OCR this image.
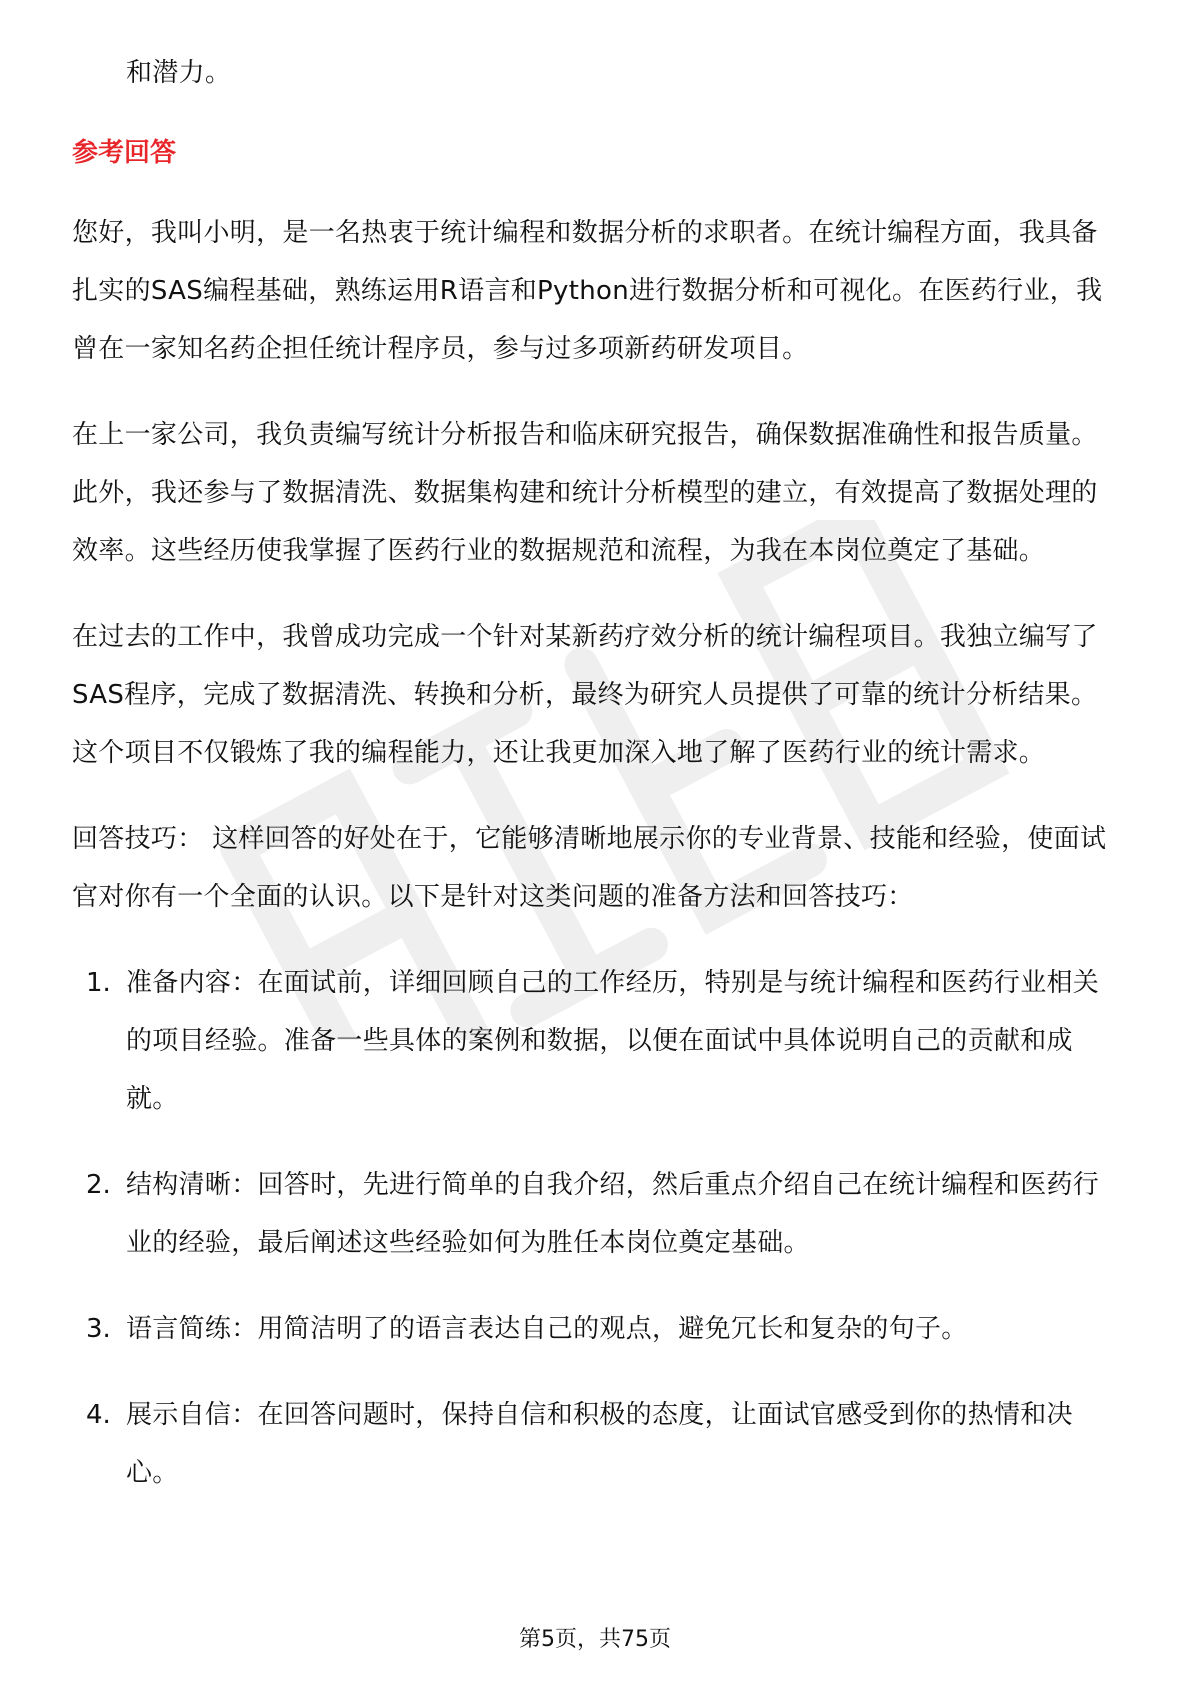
和潜力。

参考回答

您好，我叫小明，是一名热衷于统计编程和数据分析的求职者。在统计编程方面，我具备扎实的SAS编程基础，熟练运用R语言和Python进行数据分析和可视化。在医药行业，我曾在一家知名药企担任统计程序员，参与过多项新药研发项目。

在上一家公司，我负责编写统计分析报告和临床研究报告，确保数据准确性和报告质量。此外，我还参与了数据清洗、数据集构建和统计分析模型的建立，有效提高了数据处理的效率。这些经历使我掌握了医药行业的数据规范和流程，为我在本岗位奠定了基础。

在过去的工作中，我曾成功完成一个针对某新药疗效分析的统计编程项目。我独立编写了SAS程序，完成了数据清洗、转换和分析，最终为研究人员提供了可靠的统计分析结果。这个项目不仅锻炼了我的编程能力，还让我更加深入地了解了医药行业的统计需求。

回答技巧： 这样回答的好处在于，它能够清晰地展示你的专业背景、技能和经验，使面试官对你有一个全面的认识。以下是针对这类问题的准备方法和回答技巧：

1. 准备内容：在面试前，详细回顾自己的工作经历，特别是与统计编程和医药行业相关的项目经验。准备一些具体的案例和数据，以便在面试中具体说明自己的贡献和成就。
2. 结构清晰：回答时，先进行简单的自我介绍，然后重点介绍自己在统计编程和医药行业的经验，最后阐述这些经验如何为胜任本岗位奠定基础。
3. 语言简练：用简洁明了的语言表达自己的观点，避免冗长和复杂的句子。
4. 展示自信：在回答问题时，保持自信和积极的态度，让面试官感受到你的热情和决心。
第5页，共75页
